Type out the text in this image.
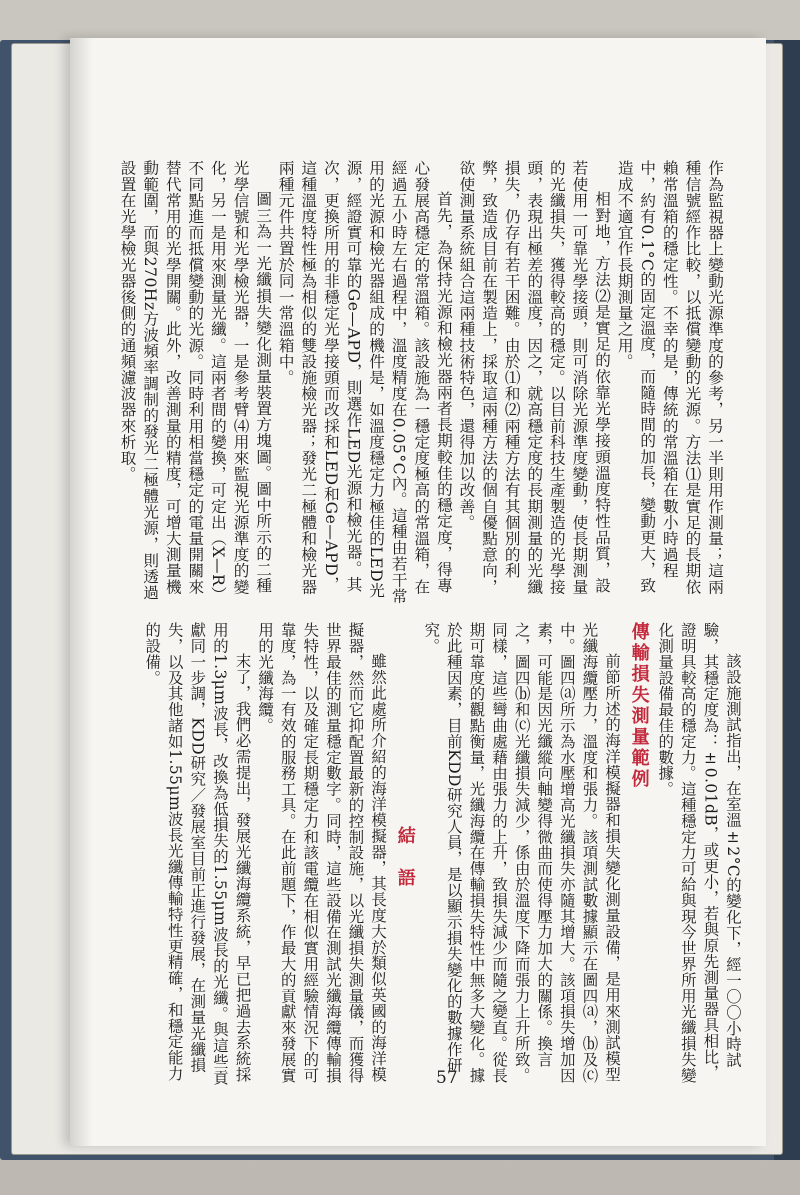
作為監視器上變動光源準度的參考，另一半則用作測量；這兩種信號經作比較，以抵償變動的光源。方法⑴是實足的長期依賴常溫箱的穩定性。不幸的是，傳統的常溫箱在數小時過程中，約有0.1°C的固定溫度，而隨時間的加長，變動更大，致造成不適宜作長期測量之用。

相對地，方法⑵是實足的依靠光學接頭溫度特性品質，設若使用一可靠光學接頭，則可消除光源準度變動，使長期測量的光纖損失，獲得較高的穩定。以目前科技生產製造的光學接頭，表現出極差的溫度，因之，就高穩定度的長期測量的光纖損失，仍存有若干困難。由於⑴和⑵兩種方法有其個別的利弊，致造成目前在製造上，採取這兩種方法的個自優點意向，欲使測量系統組合這兩種技術特色，還得加以改善。

首先，為保持光源和檢光器兩者長期較佳的穩定度，得專心發展高穩定的常溫箱。該設施為一穩定度極高的常溫箱，在經過五小時左右過程中，溫度精度在0.05°C內。這種由若干常用的光源和檢光器組成的機件是，如溫度穩定力極佳的LED光源，經證實可靠的Ge—APD，則選作LED光源和檢光器。其次，更換所用的非穩定光學接頭而改採和LED和Ge—APD，這種溫度特性極為相似的雙設施檢光器；發光二極體和檢光器兩種元件共置於同一常溫箱中。

圖三為一光纖損失變化測量裝置方塊圖。圖中所示的二種光學信號和光學檢光器，一是參考臂⑷用來監視光源準度的變化，另一是用來測量光纖。這兩者間的變換，可定出（X—R）不同點進而抵償變動的光源。同時利用相當穩定的電量開關來替代常用的光學開關。此外，改善測量的精度，可增大測量機動範圍，而與270Hz方波頻率調制的發光二極體光源，則透過設置在光學檢光器後側的通頻濾波器來析取。

該設施測試指出，在室溫±2°C的變化下，經一〇〇小時試驗，其穩定度為：±0.01dB，或更小，若與原先測量器具相比，證明具較高的穩定力。這種穩定力可給與現今世界所用光纖損失變化測量設備最佳的數據。

傳輸損失測量範例

前節所述的海洋模擬器和損失變化測量設備，是用來測試模型光纖海纜壓力，溫度和張力。該項測試數據顯示在圖四⒜，⒝及⒞中。圖四⒜所示為水壓增高光纖損失亦隨其增大。該項損失增加因素，可能是因光纖縱向軸變得微曲而使得壓力加大的關係。換言之，圖四⒝和⒞光纖損失減少，係由於溫度下降而張力上升所致。同樣，這些彎曲處藉由張力的上升，致損失減少而隨之變直。從長期可靠度的觀點衡量，光纖海纜在傳輸損失特性中無多大變化。據於此種因素，目前KDD研究人員，是以顯示損失變化的數據作研究。

結　語

雖然此處所介紹的海洋模擬器，其長度大於類似英國的海洋模擬器，然而它抑配置最新的控制設施，以光纖損失測量儀，而獲得世界最佳的測量穩定數字。同時，這些設備在測試光纖海纜傳輸損失特性，以及確定長期穩定力和該電纜在相似實用經驗情況下的可靠度，為一有效的服務工具。在此前題下，作最大的貢獻來發展實用的光纖海纜。

末了，我們必需提出，發展光纖海纜系統，早已把過去系統採用的1.3μm波長，改換為低損失的1.55μm波長的光纖。與這些貢獻同一步調，KDD研究／發展室目前正進行發展，在測量光纖損失，以及其他諸如1.55μm波長光纖傳輸特性更精確，和穩定能力的設備。

57
